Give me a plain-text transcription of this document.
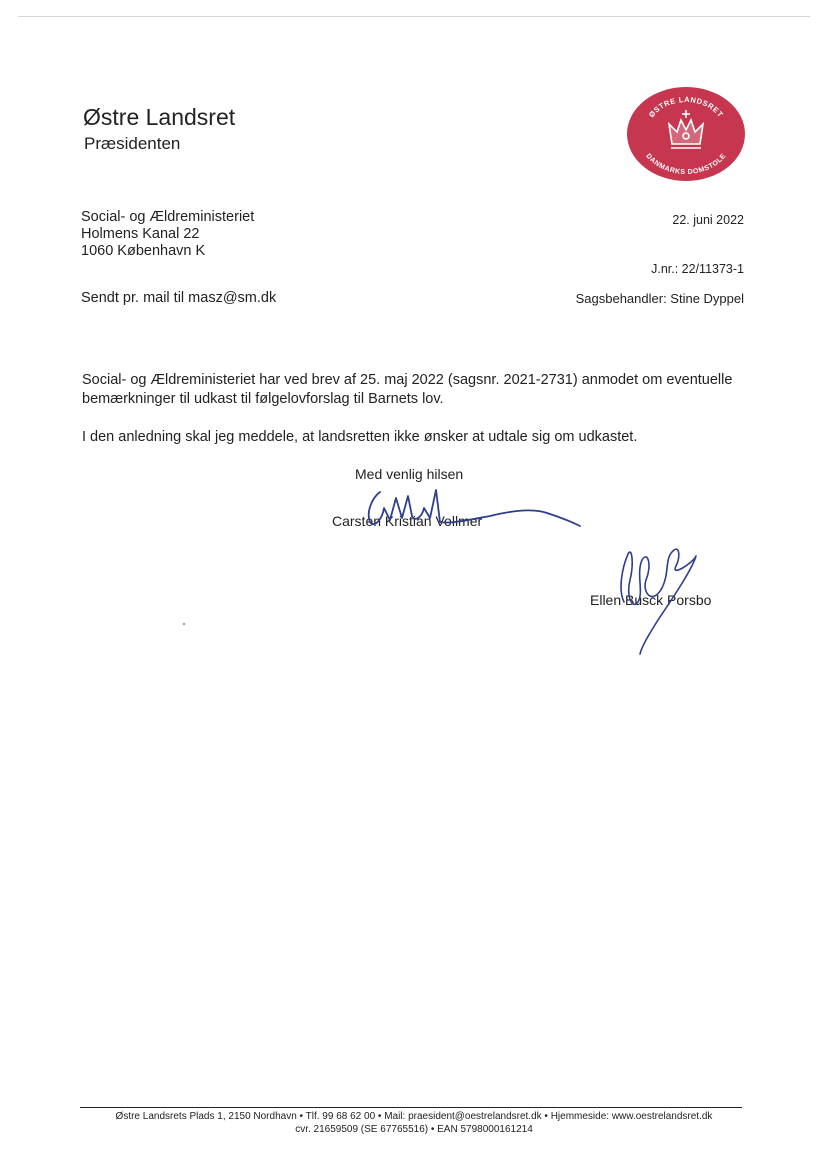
Østre Landsret
Præsidenten
ØSTRE LANDSRET
DANMARKS DOMSTOLE
Social- og Ældreministeriet
Holmens Kanal 22
1060 København K
22. juni 2022
J.nr.: 22/11373-1
Sendt pr. mail til masz@sm.dk	Sagsbehandler: Stine Dyppel
Social- og Ældreministeriet har ved brev af 25. maj 2022 (sagsnr. 2021-2731) anmodet om eventuelle bemærkninger til udkast til følgelovforslag til Barnets lov.
I den anledning skal jeg meddele, at landsretten ikke ønsker at udtale sig om udkastet.
Med venlig hilsen
Carsten Kristian Vollmer
Ellen Busck Porsbo
Østre Landsrets Plads 1, 2150 Nordhavn • Tlf. 99 68 62 00 • Mail: praesident@oestrelandsret.dk • Hjemmeside: www.oestrelandsret.dk
cvr. 21659509 (SE 67765516) • EAN 5798000161214
